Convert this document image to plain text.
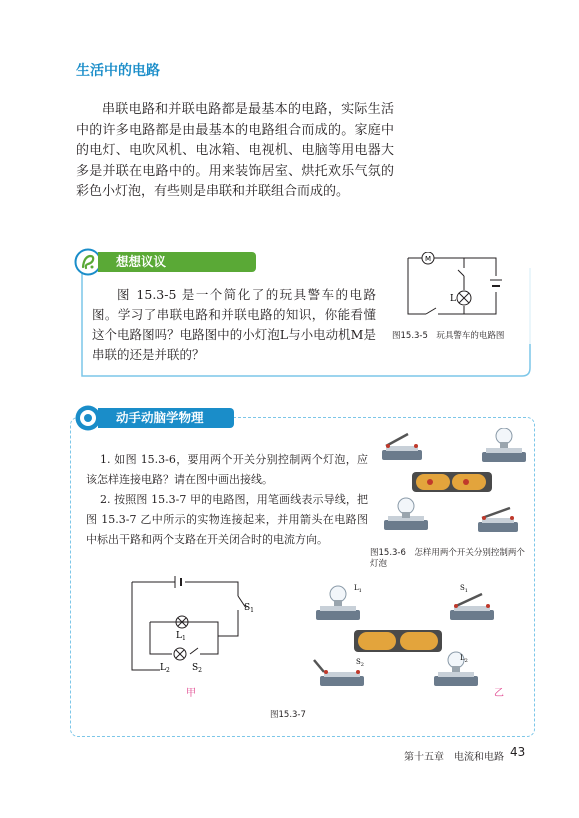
生活中的电路

串联电路和并联电路都是最基本的电路，实际生活中的许多电路都是由最基本的电路组合而成的。家庭中的电灯、电吹风机、电冰箱、电视机、电脑等用电器大多是并联在电路中的。用来装饰居室、烘托欢乐气氛的彩色小灯泡，有些则是串联和并联组合而成的。

想想议议

图 15.3-5 是一个简化了的玩具警车的电路图。学习了串联电路和并联电路的知识，你能看懂这个电路图吗？电路图中的小灯泡L与小电动机M是串联的还是并联的？

M
L
图15.3-5　玩具警车的电路图
动手动脑学物理

1. 如图 15.3-6，要用两个开关分别控制两个灯泡，应该怎样连接电路？请在图中画出接线。

2. 按照图 15.3-7 甲的电路图，用笔画线表示导线，把图 15.3-7 乙中所示的实物连接起来，并用箭头在电路图中标出干路和两个支路在开关闭合时的电流方向。

图15.3-6　怎样用两个开关分别控制两个灯泡
$S_1$
$L_1$
$L_2$ $S_2$
甲
$L_1$	$S_1$
$S_2$
$L_2$
乙
图15.3-7
第十五章　电流和电路 43
